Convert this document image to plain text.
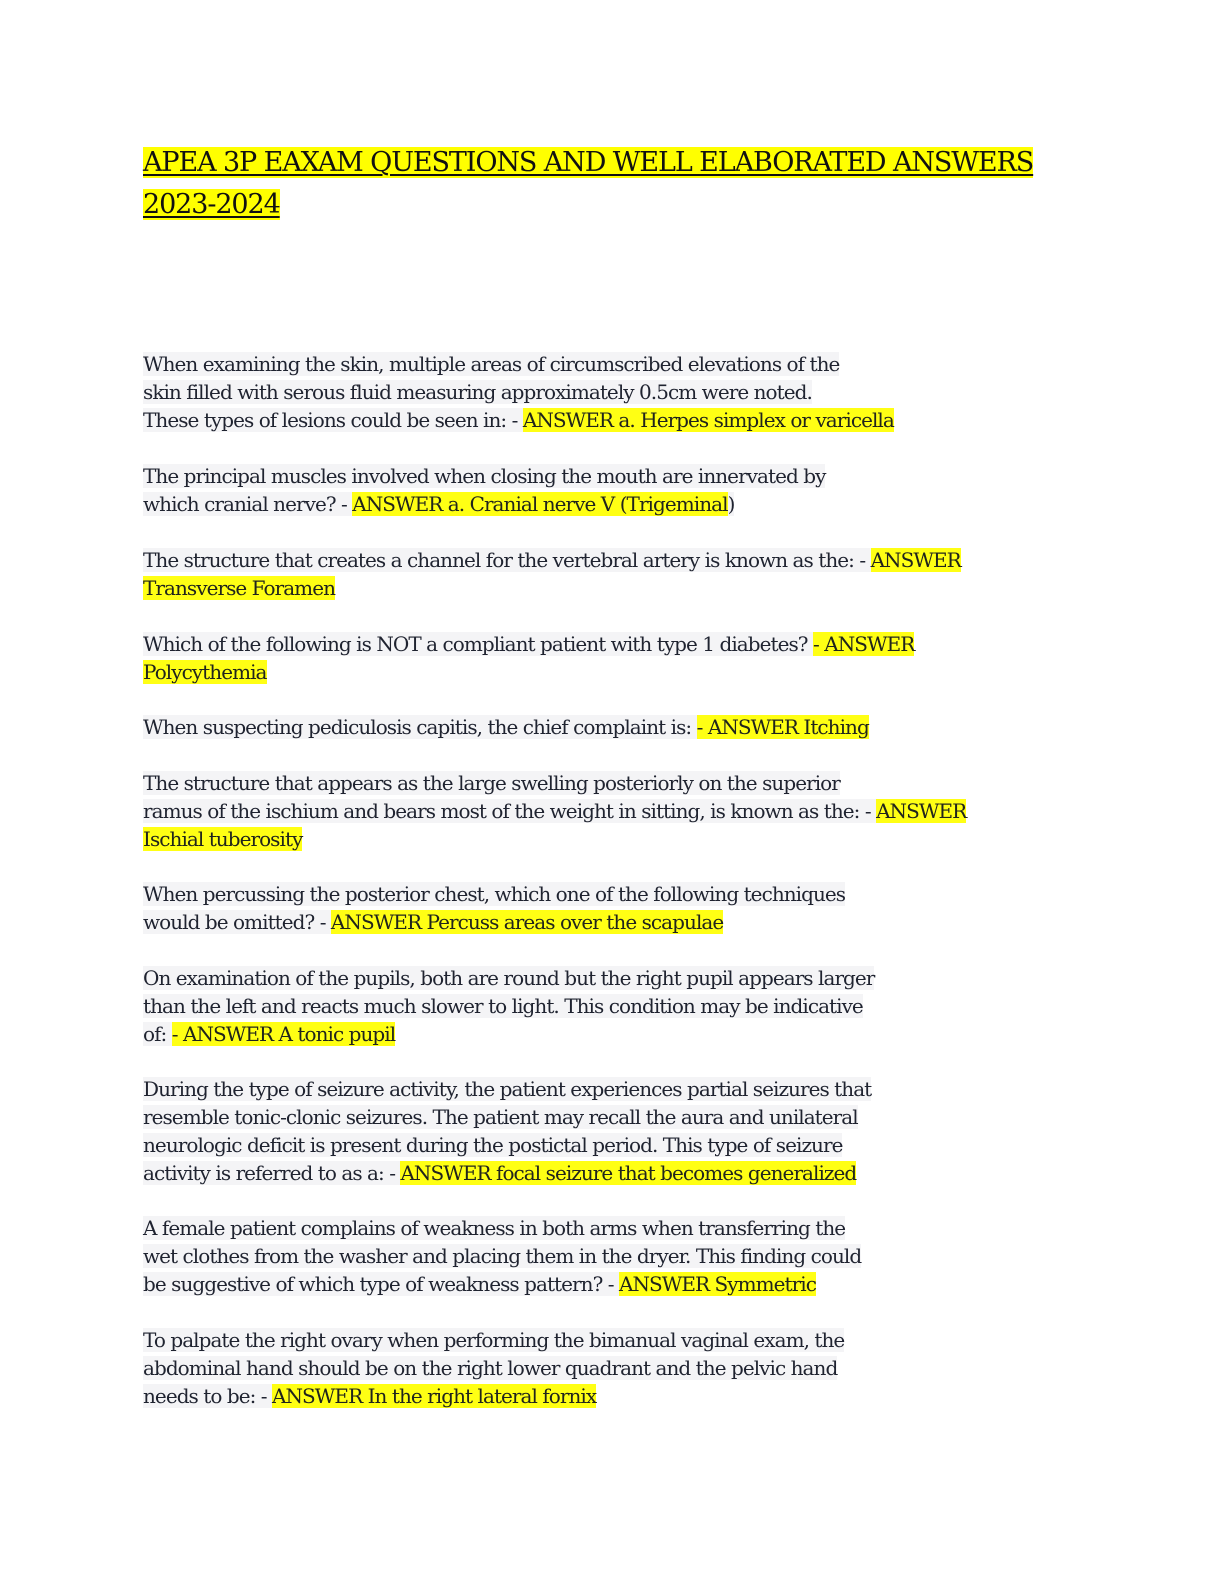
APEA 3P EAXAM QUESTIONS AND WELL ELABORATED ANSWERS
2023-2024

When examining the skin, multiple areas of circumscribed elevations of the
skin filled with serous fluid measuring approximately 0.5cm were noted.
These types of lesions could be seen in: - ANSWER a. Herpes simplex or varicella

The principal muscles involved when closing the mouth are innervated by
which cranial nerve? - ANSWER a. Cranial nerve V (Trigeminal)

The structure that creates a channel for the vertebral artery is known as the: - ANSWER
Transverse Foramen

Which of the following is NOT a compliant patient with type 1 diabetes? - ANSWER
Polycythemia

When suspecting pediculosis capitis, the chief complaint is: - ANSWER Itching

The structure that appears as the large swelling posteriorly on the superior
ramus of the ischium and bears most of the weight in sitting, is known as the: - ANSWER
Ischial tuberosity

When percussing the posterior chest, which one of the following techniques
would be omitted? - ANSWER Percuss areas over the scapulae

On examination of the pupils, both are round but the right pupil appears larger
than the left and reacts much slower to light. This condition may be indicative
of: - ANSWER A tonic pupil

During the type of seizure activity, the patient experiences partial seizures that
resemble tonic-clonic seizures. The patient may recall the aura and unilateral
neurologic deficit is present during the postictal period. This type of seizure
activity is referred to as a: - ANSWER focal seizure that becomes generalized

A female patient complains of weakness in both arms when transferring the
wet clothes from the washer and placing them in the dryer. This finding could
be suggestive of which type of weakness pattern? - ANSWER Symmetric

To palpate the right ovary when performing the bimanual vaginal exam, the
abdominal hand should be on the right lower quadrant and the pelvic hand
needs to be: - ANSWER In the right lateral fornix
